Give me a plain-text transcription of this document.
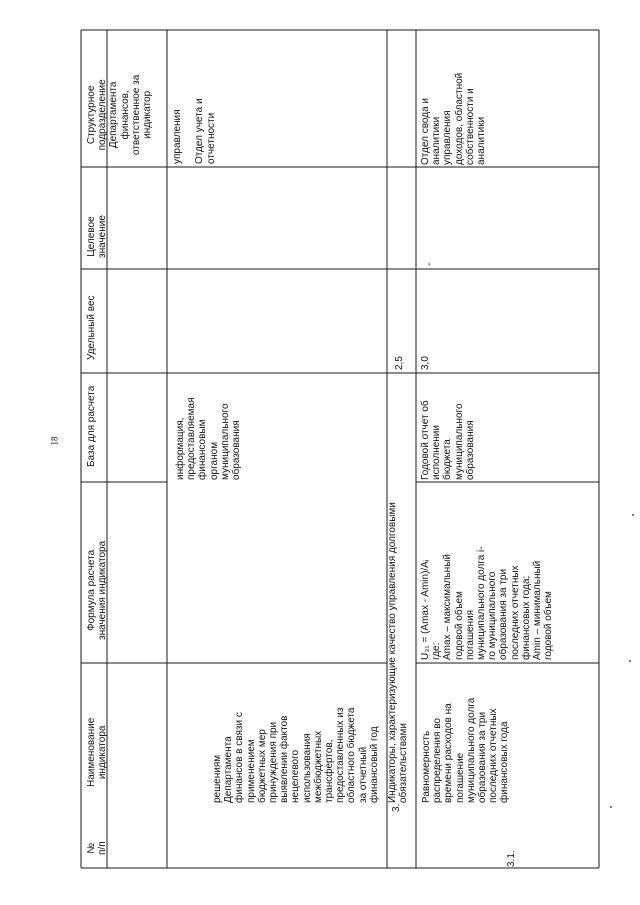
18
№
п/п
Наименование
индикатора
Формула расчета
значения индикатора
База для расчета
Удельный вес
Целевое
значение
Структурное
подразделение
Департамента
финансов,
ответственное за
индикатор
решениям
Департамента
финансов в связи с
применением
бюджетных мер
принуждения при
выявлении фактов
нецелевого
использования
межбюджетных
трансфертов,
предоставленных из
областного бюджета
за отчетный
финансовый год
информация,
предоставляемая
финансовым
органом
муниципального
образования
управления

Отдел учета и
отчетности
3.
Индикаторы, характеризующие качество управления долговыми
обязательствами
2,5
3.1.
Равномерность
распределения во
времени расходов на
погашение
муниципального долга
образования за три
последних отчетных
финансовых года
U₃₁ = (Amax - Amin)/Aᵢ
где:
Amax – максимальный
годовой объем
погашения
муниципального долга i-
го муниципального
образования за три
последних отчетных
финансовых года;
Amin – минимальный
годовой объем
Годовой отчет об
исполнении
бюджета
муниципального
образования
3,0
-
Отдел свода и
аналитики
управления
доходов, областной
собственности и
аналитики
